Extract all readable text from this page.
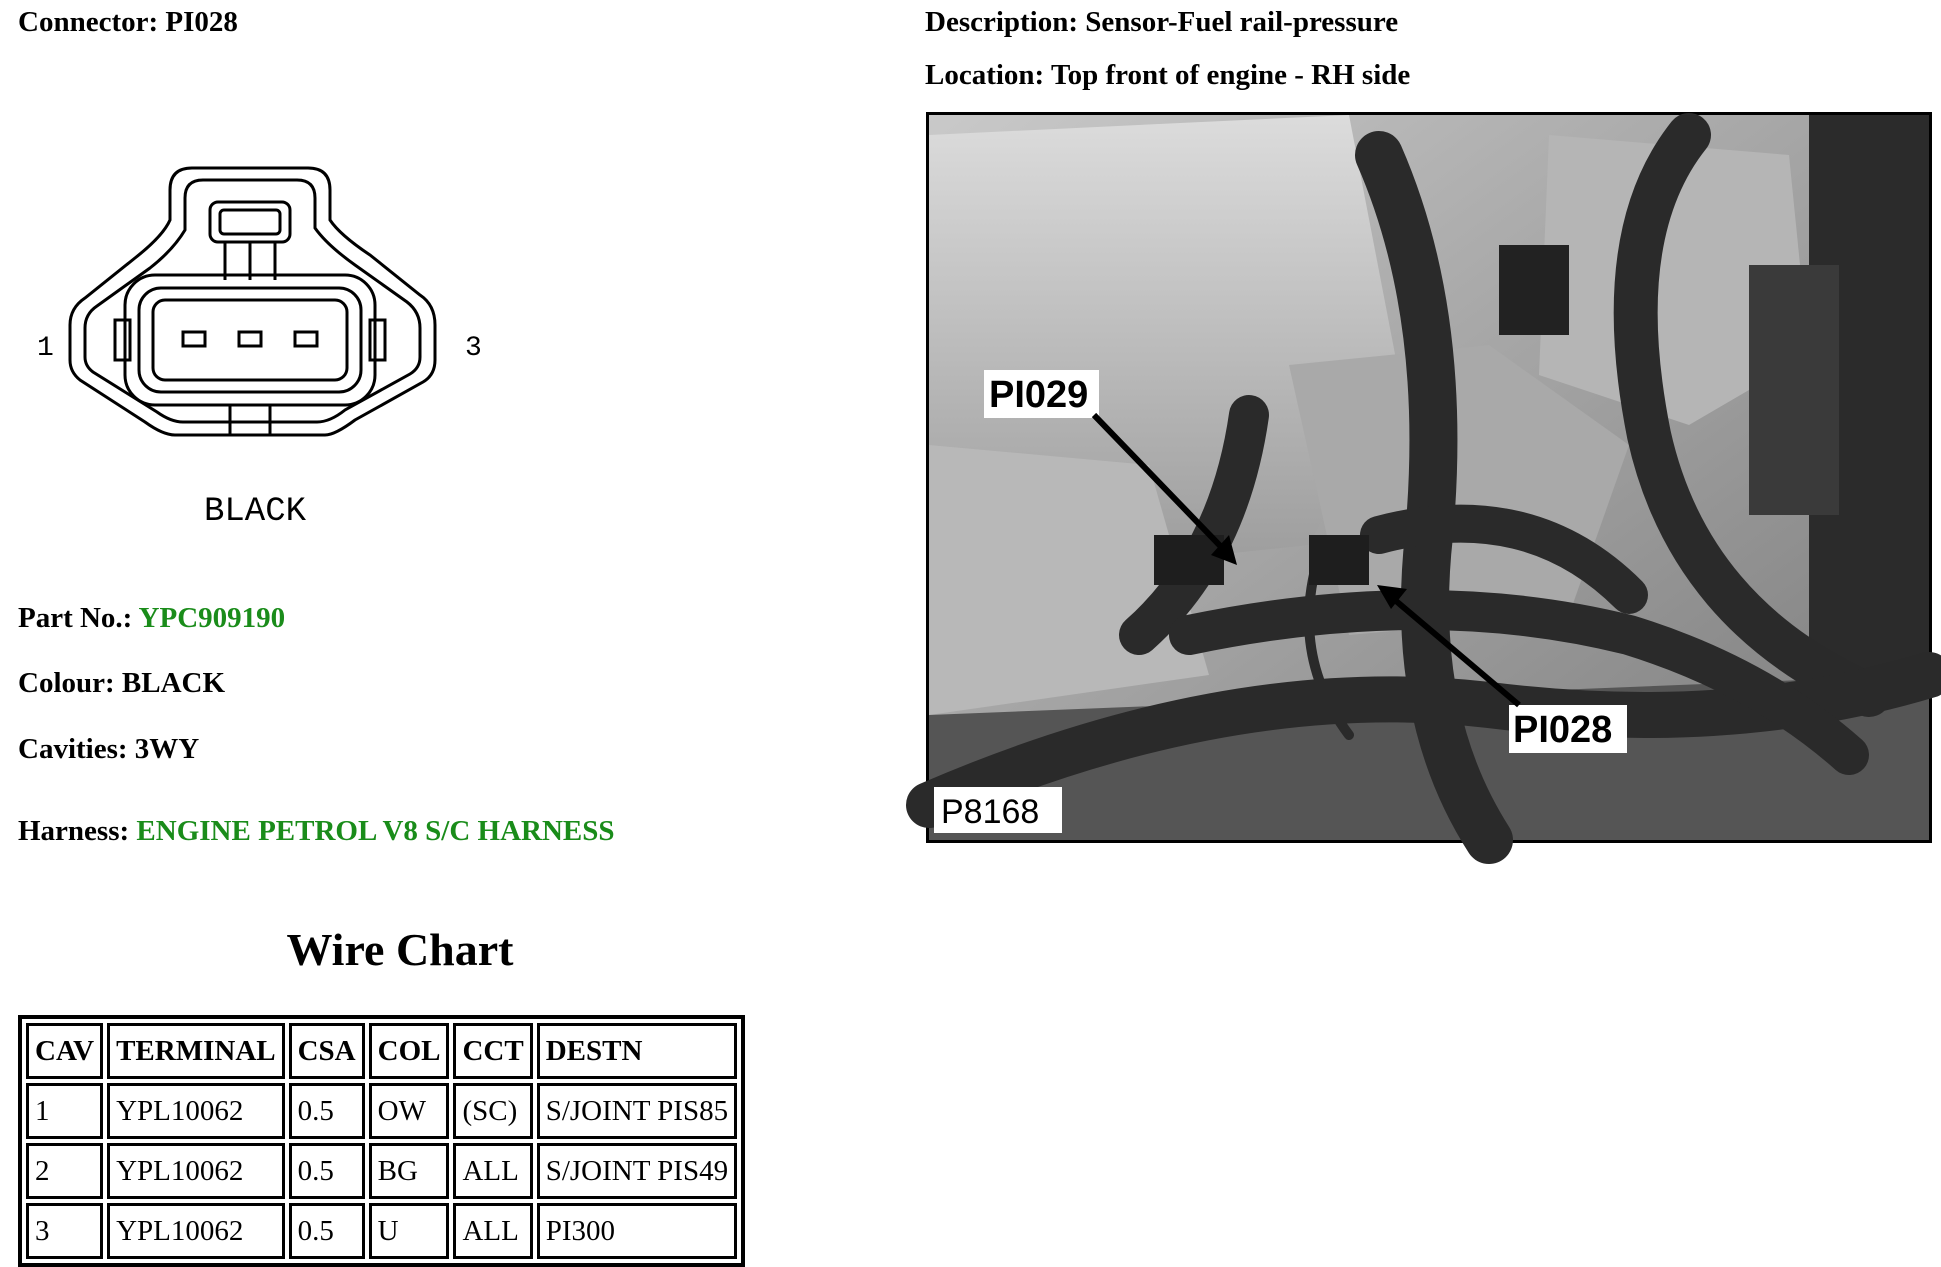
Connector: PI028	Description: Sensor-Fuel rail-pressure
Location: Top front of engine - RH side
1	3
BLACK
Part No.: YPC909190
Colour: BLACK
Cavities: 3WY
Harness: ENGINE PETROL V8 S/C HARNESS
PI029
PI028
P8168
Wire Chart
CAV	TERMINAL	CSA	COL	CCT	DESTN
1	YPL10062	0.5	OW	(SC)	S/JOINT PIS85
2	YPL10062	0.5	BG	ALL	S/JOINT PIS49
3	YPL10062	0.5	U	ALL	PI300
